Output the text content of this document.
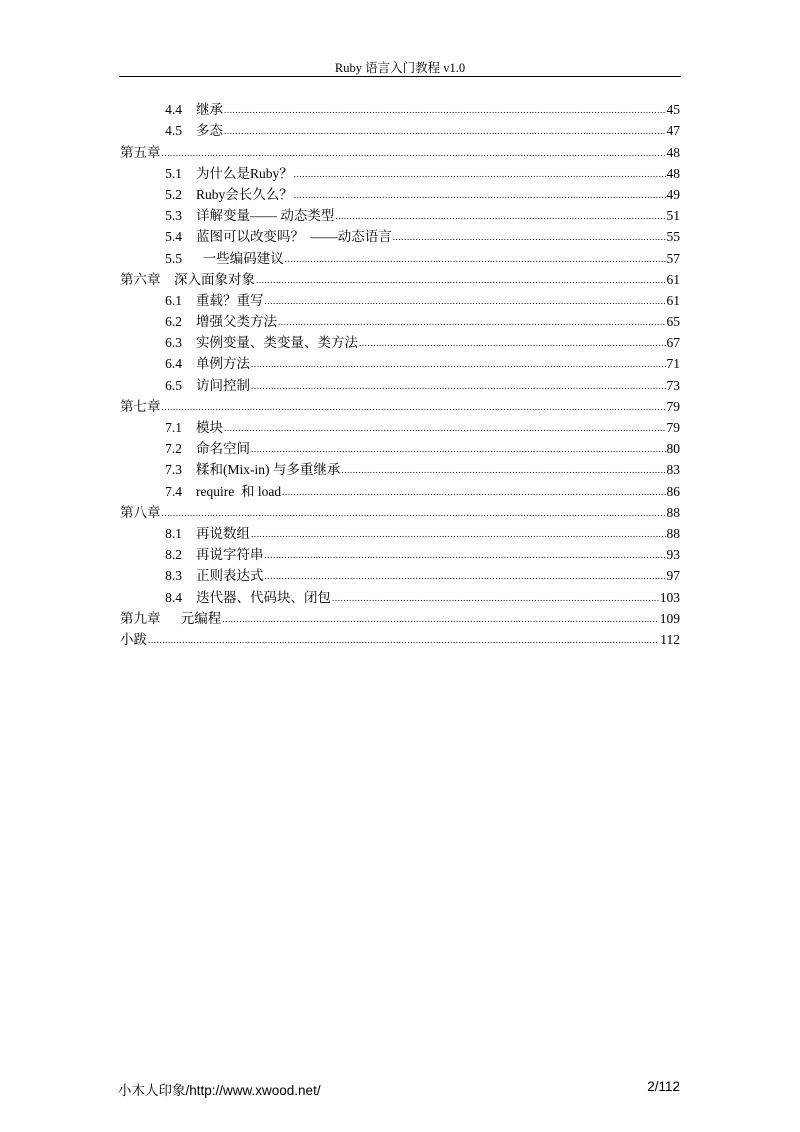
Ruby 语言入门教程 v1.0
4.4	继承 .....	45
4.5	多态 .....	47
第五章 .....	48
5.1	为什么是Ruby？ .....	48
5.2	Ruby会长久么？ .....	49
5.3	详解变量—— 动态类型 .....	51
5.4	蓝图可以改变吗？  ——动态语言 .....	55
5.5	一些编码建议 .....	57
第六章    深入面象对象 .....	61
6.1	重载？重写 .....	61
6.2	增强父类方法 .....	65
6.3	实例变量、类变量、类方法 .....	67
6.4	单例方法 .....	71
6.5	访问控制 .....	73
第七章 .....	79
7.1	模块 .....	79
7.2	命名空间 .....	80
7.3	糅和(Mix-in) 与多重继承 .....	83
7.4	require  和 load .....	86
第八章 .....	88
8.1	再说数组 .....	88
8.2	再说字符串 .....	93
8.3	正则表达式 .....	97
8.4	迭代器、代码块、闭包 .....	103
第九章      元编程 .....	109
小跋 .....	112
小木人印象/http://www.xwood.net/	2/112
